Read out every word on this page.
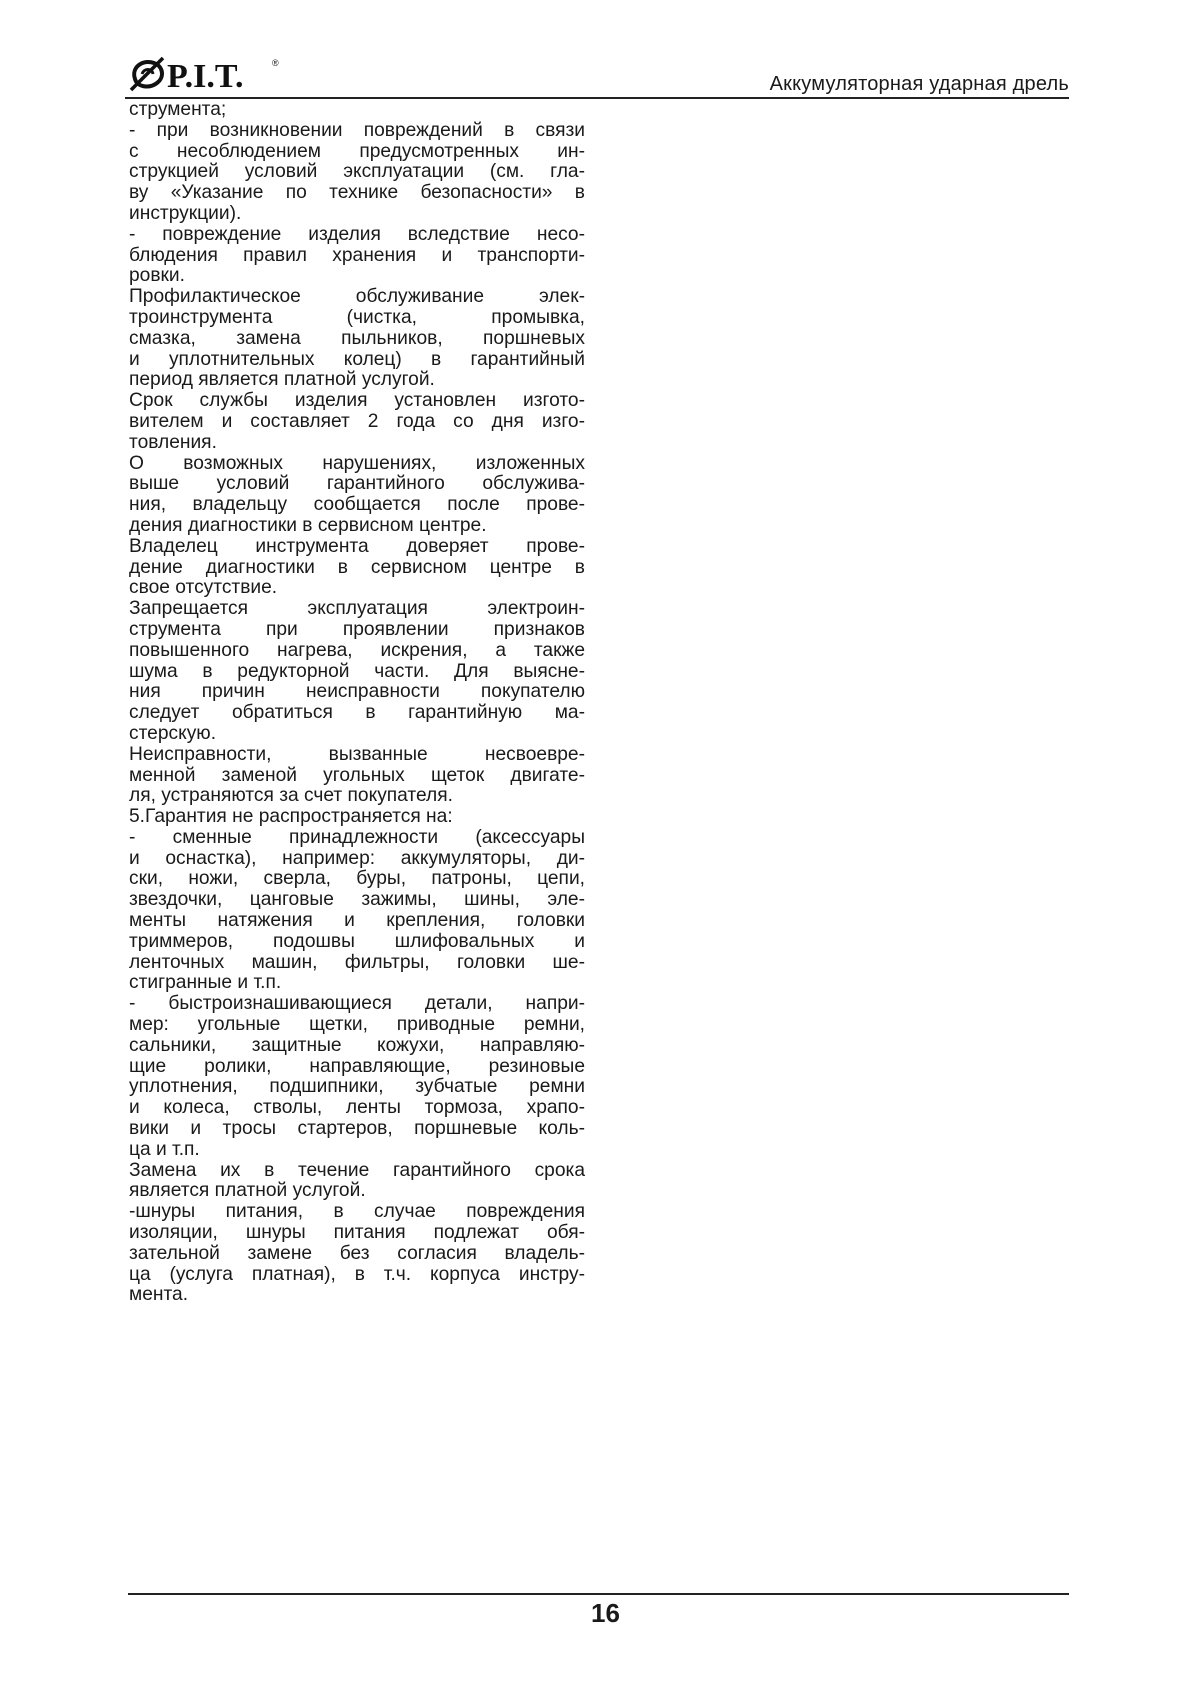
P.I.T.	®
Аккумуляторная ударная дрель
струмента;
- при возникновении повреждений в связи
с несоблюдением предусмотренных ин-
струкцией условий эксплуатации (см. гла-
ву «Указание по технике безопасности» в
инструкции).
- повреждение изделия вследствие несо-
блюдения правил хранения и транспорти-
ровки.
Профилактическое обслуживание элек-
троинструмента (чистка, промывка,
смазка, замена пыльников, поршневых
и уплотнительных колец) в гарантийный
период является платной услугой.
Срок службы изделия установлен изгото-
вителем и составляет 2 года со дня изго-
товления.
О возможных нарушениях, изложенных
выше условий гарантийного обслужива-
ния, владельцу сообщается после прове-
дения диагностики в сервисном центре.
Владелец инструмента доверяет прове-
дение диагностики в сервисном центре в
свое отсутствие.
Запрещается эксплуатация электроин-
струмента при проявлении признаков
повышенного нагрева, искрения, а также
шума в редукторной части. Для выясне-
ния причин неисправности покупателю
следует обратиться в гарантийную ма-
стерскую.
Неисправности, вызванные несвоевре-
менной заменой угольных щеток двигате-
ля, устраняются за счет покупателя.
5.Гарантия не распространяется на:
- сменные принадлежности (аксессуары
и оснастка), например: аккумуляторы, ди-
ски, ножи, сверла, буры, патроны, цепи,
звездочки, цанговые зажимы, шины, эле-
менты натяжения и крепления, головки
триммеров, подошвы шлифовальных и
ленточных машин, фильтры, головки ше-
стигранные и т.п.
- быстроизнашивающиеся детали, напри-
мер: угольные щетки, приводные ремни,
сальники, защитные кожухи, направляю-
щие ролики, направляющие, резиновые
уплотнения, подшипники, зубчатые ремни
и колеса, стволы, ленты тормоза, храпо-
вики и тросы стартеров, поршневые коль-
ца и т.п.
Замена их в течение гарантийного срока
является платной услугой.
-шнуры питания, в случае повреждения
изоляции, шнуры питания подлежат обя-
зательной замене без согласия владель-
ца (услуга платная), в т.ч. корпуса инстру-
мента.
16
